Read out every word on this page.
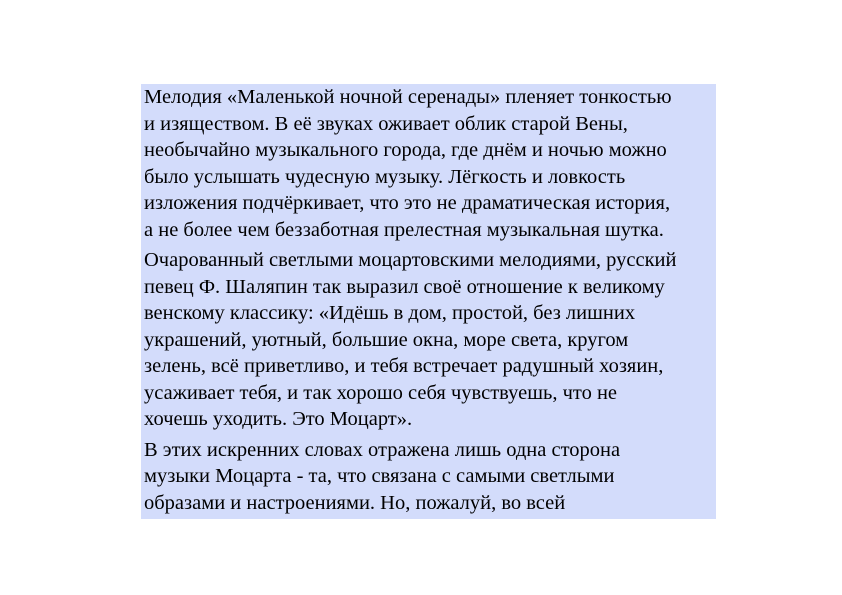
Мелодия «Маленькой ночной серенады» пленяет тонкостью
и изяществом. В её звуках оживает облик старой Вены,
необычайно музыкального города, где днём и ночью можно
было услышать чудесную музыку. Лёгкость и ловкость
изложения подчёркивает, что это не драматическая история,
а не более чем беззаботная прелестная музыкальная шутка.

Очарованный светлыми моцартовскими мелодиями, русский
певец Ф. Шаляпин так выразил своё отношение к великому
венскому классику: «Идёшь в дом, простой, без лишних
украшений, уютный, большие окна, море света, кругом
зелень, всё приветливо, и тебя встречает радушный хозяин,
усаживает тебя, и так хорошо себя чувствуешь, что не
хочешь уходить. Это Моцарт».

В этих искренних словах отражена лишь одна сторона
музыки Моцарта - та, что связана с самыми светлыми
образами и настроениями. Но, пожалуй, во всей
